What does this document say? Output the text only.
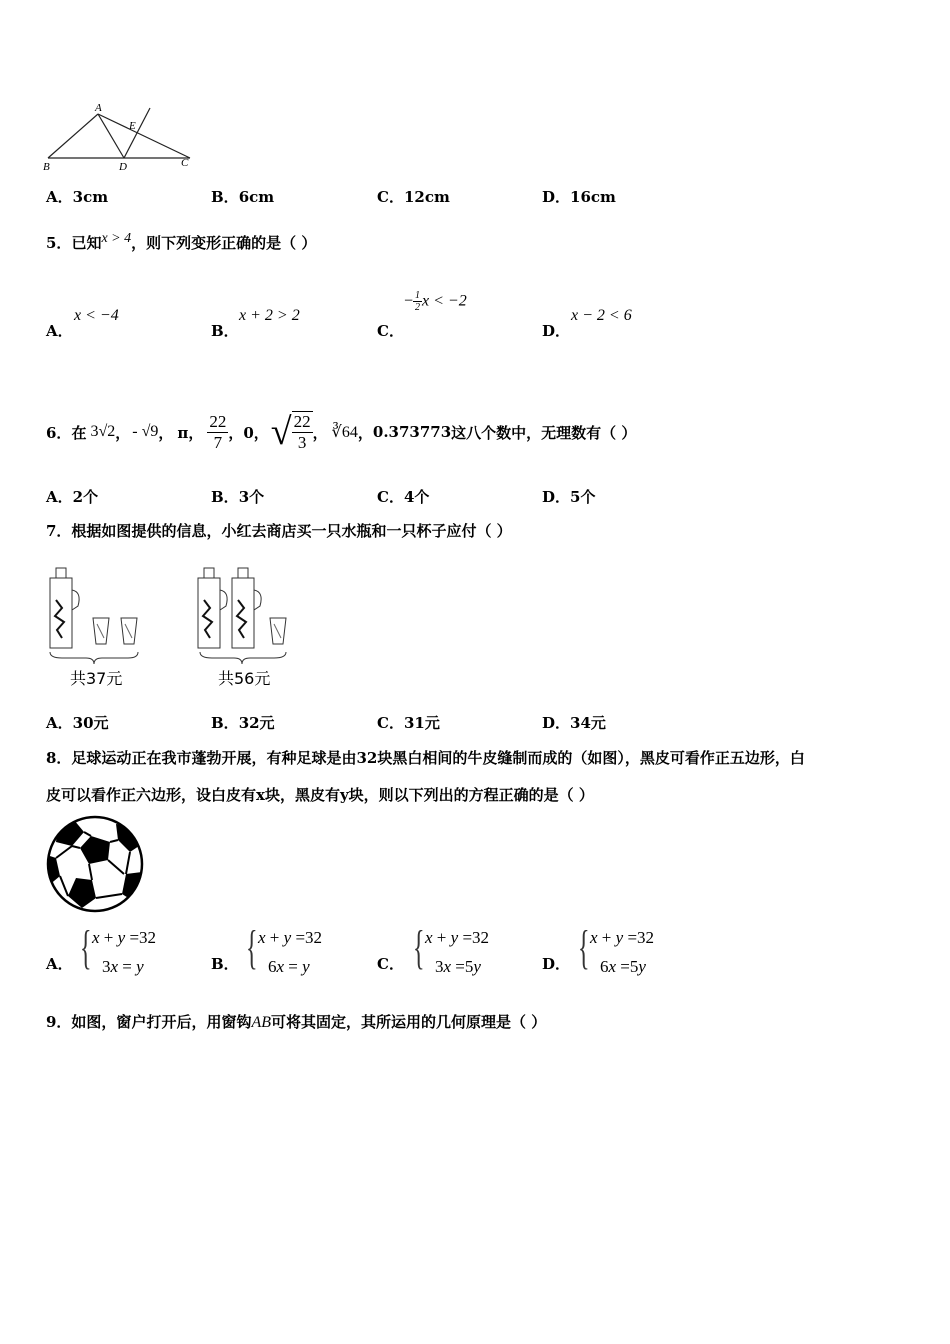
A
E
B	D	C
A．3cm	B．6cm	C．12cm	D．16cm
5．已知x > 4，则下列变形正确的是（ ）
A．
x < −4
B．
x + 2 > 2
C．
− $\frac{1}{2}$ x < −2
D．
x − 2 < 6
6． 在 3√2 ， - √9 ， π， $\frac{22}{7}$ ，0， √ $\frac{22}{3}$ ， ∛64 ， 0.373773 这八个数中，无理数有（ ）
A．2个	B．3个	C．4个	D．5个
7．根据如图提供的信息，小红去商店买一只水瓶和一只杯子应付（ ）
共37元	共56元
A．30元	B．32元	C．31元	D．34元
8．足球运动正在我市蓬勃开展，有种足球是由32块黑白相间的牛皮缝制而成的（如图），黑皮可看作正五边形，白
皮可以看作正六边形，设白皮有x块，黑皮有y块，则以下列出的方程正确的是（ ）
A． { x + y =32
3x = y	B． { x + y =32
6x = y	C． { x + y =32
3x =5y	D． { x + y =32
6x =5y
9．如图，窗户打开后，用窗钩AB可将其固定，其所运用的几何原理是（ ）
